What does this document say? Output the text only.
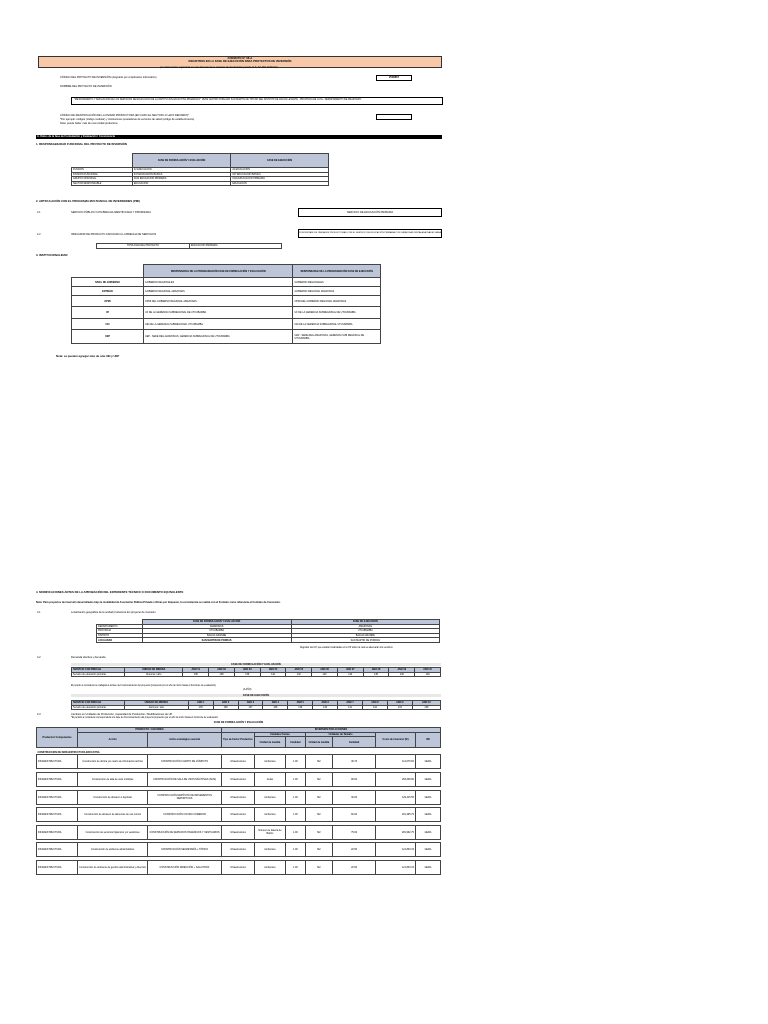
FORMATO N° 08-A
REGISTROS EN LA FASE DE EJECUCIÓN PARA PROYECTOS DE INVERSIÓN
(La información registrada en este formato tiene carácter de declaración jurada, D.S. N° 284-2018-EF)
CÓDIGO DEL PROYECTO DE INVERSIÓN (Asignado por el Aplicativo Informático)	2538867
NOMBRE DEL PROYECTO DE INVERSIÓN
"MEJORAMIENTO Y AMPLIACION DE LOS SERVICIOS DE EDUCACION DE LA INSTITUCION EDUCATIVA PRIMARIA N° 18292 CENTRO POBLADO SAN MARTIN DE TIHONO DEL DISTRITO DE RACAS LEVANTE - PROVINCIA DE LUYA - DEPARTAMENTO DE AMAZONAS"
CÓDIGO DE IDENTIFICACIÓN DE LA UNIDAD PRODUCTORA (EN CASO EL SECTOR LO HAYA DEFINIDO)*
*Por ejemplo: códigos (código modular) y instituciones prestadoras de servicios de salud (código de establecimiento)
Nota: puede haber más de una unidad productora
A. Datos de la fase de Formulación y Evaluación / Consistencia
1. RESPONSABILIDAD FUNCIONAL DEL PROYECTO DE INVERSIÓN
	FASE DE FORMULACIÓN Y EVALUACIÓN	FASE DE EJECUCIÓN
FUNCIÓN	22 EDUCACIÓN	22 EDUCACIÓN
DIVISIÓN FUNCIONAL	047 EDUCACIÓN BÁSICA	047 EDUCACIÓN BÁSICA
GRUPO FUNCIONAL	0104 EDUCACIÓN PRIMARIA	0104 EDUCACIÓN PRIMARIA
SECTOR RESPONSABLE	EDUCACIÓN	EDUCACIÓN
2. ARTICULACIÓN CON EL PROGRAMA MULTIANUAL DE INVERSIONES (PMI)
2.1	SERVICIO PÚBLICO CON BRECHA IDENTIFICADA Y PRIORIZADA	SERVICIO DE EDUCACIÓN PRIMARIA
2.2	INDICADOR DE PRODUCTO ASOCIADO A LA BRECHA DE SERVICIOS	PORCENTAJE DE UNIDADES PRODUCTORAS CON EL SERVICIO DE EDUCACIÓN PRIMARIA CON CAPACIDAD INSTALADA INADECUADA
TIPOLOGÍA DEL PROYECTO	EDUCACIÓN PRIMARIA
3. INSTITUCIONALIDAD
	RESPONSABLE DE LA PROGRAMACIÓN FASE DE FORMULACIÓN Y EVALUACIÓN	RESPONSABLE DE LA PROGRAMACIÓN FASE DE EJECUCIÓN
NIVEL DE GOBIERNO	GOBIERNO REGIONALES	GOBIERNO REGIONALES
ENTIDAD	GOBIERNO REGIONAL AMAZONAS	GOBIERNO REGIONAL AMAZONAS
OPMI	OPMI DEL GOBIERNO REGIONAL AMAZONAS	OPMI DEL GOBIERNO REGIONAL AMAZONAS
UF	UF DE LA GERENCIA SUBREGIONAL DE UTCUBAMBA	UF DE LA GERENCIA SUBREGIONAL DE UTCUBAMBA
UEI	UEI DE LA GERENCIA SUBREGIONAL UTCUBAMBA	UEI DE LA GERENCIA SUBREGIONAL UTCUBAMBA
UEP	UEP - SEDE REG.AMAZONAS, GERENCIA SUBREGIONAL DE UTCUBAMBA	UEP - SEDE REG.AMAZONAS, GERENCIA SUB REGIONAL DE UTCUBAMBA
Nota: se pueden agregar más de una UEI y UEP
4. MODIFICACIONES ANTES DE LA APROBACIÓN DEL EXPEDIENTE TÉCNICO O DOCUMENTO EQUIVALENTE
Nota: Para proyectos de inversión desarrollados bajo la modalidad de Asociación Pública Privada o Obras por Impuesto, la consistencia se realiza con el Formato como referencia el Contrato de Concesión.
4.1	Localización geográfica de la unidad productora del proyecto de inversión
	FASE DE FORMULACIÓN Y EVALUACIÓN	FASE DE EJECUCIÓN
DEPARTAMENTO	AMAZONAS	AMAZONAS
PROVINCIA	UTCUBAMBA	UTCUBAMBA
DISTRITO	BAGUA GRANDE	BAGUA GRANDE
LOCALIDAD	SAN MARTIN DE PORRAS	SAN MARTIN DE PORRAS
Registrar las UP, que estarán localizadas en la CP sobre la cual se adecuarán los servicios
4.2	Demanda efectiva y demanda
FASE DE FORMULACIÓN Y EVALUACIÓN
SERVICIO CON BRECHA	UNIDAD DE MEDIDA	AÑO 01	AÑO 02	AÑO 03	AÑO 04	AÑO 05	AÑO 06	AÑO 07	AÑO 08	AÑO 09	AÑO 10
Servicio de educación primaria	Alumnos / año	136	138	139	142	142	143	144	145	146	149
El periodo a considerar se trabajará a la fase de Funcionamiento del proyecto (propuesto por el año de inicio hasta el horizonte de evaluación)
(A AÑO)
FASE DE EJECUCIÓN
SERVICIO CON BRECHA	UNIDAD DE MEDIDA	AÑO 1	AÑO 2	AÑO 3	AÑO 4	AÑO 5	AÑO 6	AÑO 7	AÑO 8	AÑO 9	AÑO 10
Servicio de educación primaria	Alumnos / año	135	138	137	138	139	140	141	142	143	148
*El periodo a considerar corresponderá a la fase de Funcionamiento del proyecto propuesto por el año de inicio hasta el horizonte de evaluación
4.3	Cambios en Unidades de Producción, Capacidad de Producción / Modificaciones de UP.
FASE DE FORMULACIÓN Y EVALUACIÓN
Productos/ Componentes	PRODUCTO / ACCIONES		INVERSIÓN POR ACCIONES						
	Acción	Activo estratégico esencial	Tipo de Factor Productivo	Unidades Físicas		Unidades de Tamaño		Costo de inversión (S/)	UEI
				Unidad de medida	Cantidad	Unidad de medida	Cantidad		

CONSTRUCCIÓN DE INFRAESTRUCTURA EDUCATIVA									
INFRAESTRUCTURA	Construcción de oficina y/o cuarto de información archivo	CONSTRUCCIÓN CUARTO DE CÓMPUTO	Infraestructura	Ambientes	1.00	M2	46.70	114,079.82	GERA

INFRAESTRUCTURA	Construcción de sala de usos múltiples	CONSTRUCCIÓN DE SALA DE USOS MÚLTIPLES (SUM)	Infraestructura	Aulas	1.00	M2	96.00	254,609.80	GERA

INFRAESTRUCTURA	Construcción de almacén o depósito	CONSTRUCCIÓN DEPÓSITO DE IMPLEMENTOS DEPORTIVOS	Infraestructura	Ambientes	1.00	M2	30.00	129,415.55	GERA

INFRAESTRUCTURA	Construcción de almacén de alimentos de uso común	CONSTRUCCIÓN COCINA COMEDOR	Infraestructura	Ambientes	1.00	M2	60.00	201,395.79	GERA

INFRAESTRUCTURA	Construcción de servicios higiénicos y/o vestidores	CONSTRUCCIÓN DE SERVICIOS HIGIÉNICOS Y VESTUARIOS	Infraestructura	Número de bateria de Baños	1.00	M2	75.00	281,992.75	GERA

INFRAESTRUCTURA	Construcción de ambiente administrativo	CONSTRUCCIÓN SECRETARÍA + TÓPICO	Infraestructura	Ambientes	1.00	M2	22.50	121,803.33	GERA

INFRAESTRUCTURA	Construcción de ambiente de gestión administrativa y dirección	CONSTRUCCIÓN DIRECCIÓN + SALA PROF.	Infraestructura	Ambientes	1.00	M2	22.50	121,803.33	GERA
